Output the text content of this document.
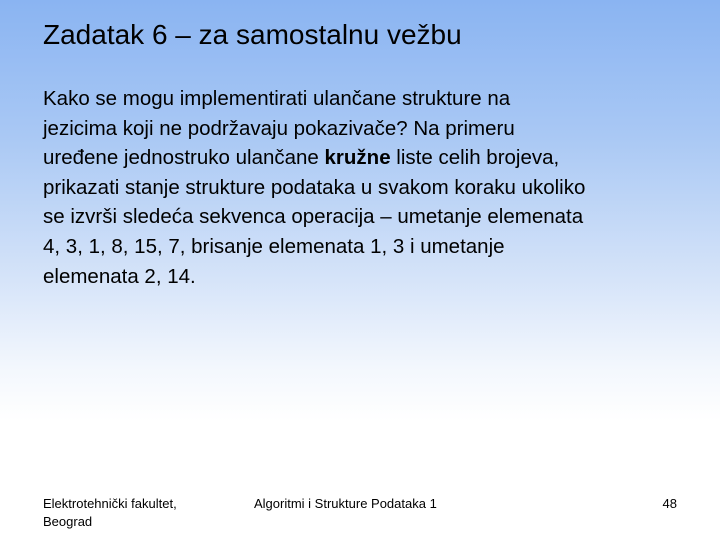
Zadatak 6 – za samostalnu vežbu

Kako se mogu implementirati ulančane strukture na
jezicima koji ne podržavaju pokazivače? Na primeru
uređene jednostruko ulančane kružne liste celih brojeva,
prikazati stanje strukture podataka u svakom koraku ukoliko
se izvrši sledeća sekvenca operacija – umetanje elemenata
4, 3, 1, 8, 15, 7, brisanje elemenata 1, 3 i umetanje
elemenata 2, 14.

Elektrotehnički fakultet,
Beograd
Algoritmi i Strukture Podataka 1	48
